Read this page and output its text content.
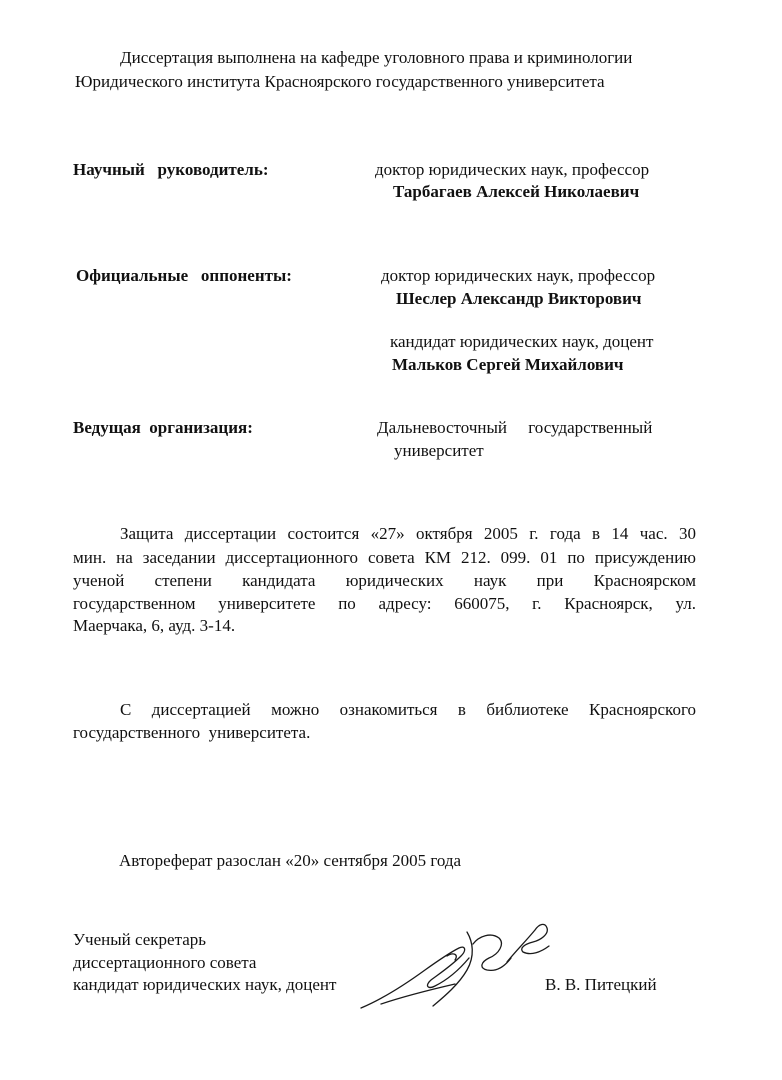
Диссертация выполнена на кафедре уголовного права и криминологии
Юридического института Красноярского государственного университета
Научный   руководитель:	доктор юридических наук, профессор
Тарбагаев Алексей Николаевич
Официальные   оппоненты:	доктор юридических наук, профессор
Шеслер Александр Викторович
кандидат юридических наук, доцент
Мальков Сергей Михайлович
Ведущая  организация:	Дальневосточный     государственный
университет
Защита диссертации состоится «27» октября 2005 г. года в 14 час. 30
мин. на заседании диссертационного совета КМ 212. 099. 01 по присуждению
ученой степени кандидата юридических наук при Красноярском
государственном университете по адресу: 660075, г. Красноярск, ул.
Маерчака, 6, ауд. 3-14.
С диссертацией можно ознакомиться в библиотеке Красноярского
государственного  университета.
Автореферат разослан «20» сентября 2005 года
Ученый секретарь
диссертационного совета
кандидат юридических наук, доцент	В. В. Питецкий
